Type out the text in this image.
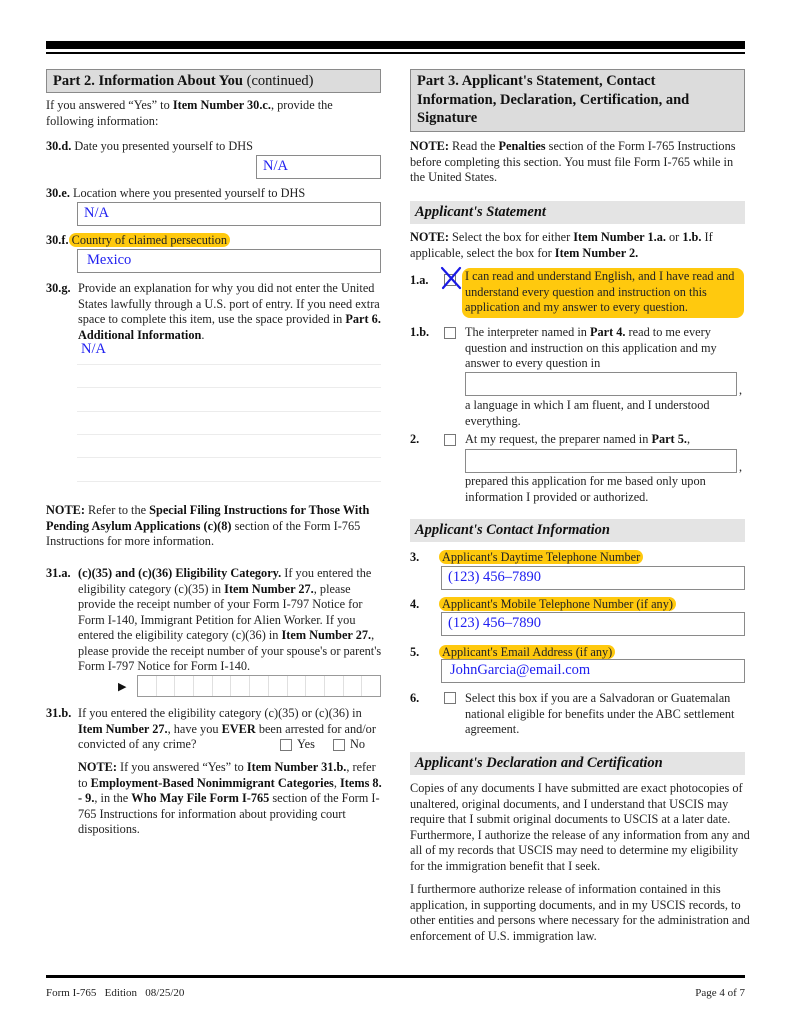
Part 2. Information About You (continued)
If you answered “Yes” to Item Number 30.c., provide the following information:
30.d. Date you presented yourself to DHS
N/A
30.e. Location where you presented yourself to DHS
N/A
30.f. Country of claimed persecution
Mexico
30.g. Provide an explanation for why you did not enter the United States lawfully through a U.S. port of entry. If you need extra space to complete this item, use the space provided in Part 6. Additional Information.
N/A
NOTE: Refer to the Special Filing Instructions for Those With Pending Asylum Applications (c)(8) section of the Form I-765 Instructions for more information.
31.a. (c)(35) and (c)(36) Eligibility Category. If you entered the eligibility category (c)(35) in Item Number 27., please provide the receipt number of your Form I-797 Notice for Form I-140, Immigrant Petition for Alien Worker. If you entered the eligibility category (c)(36) in Item Number 27., please provide the receipt number of your spouse's or parent's Form I-797 Notice for Form I-140.
▶
31.b. If you entered the eligibility category (c)(35) or (c)(36) in Item Number 27., have you EVER been arrested for and/or convicted of any crime?	Yes	No
NOTE: If you answered “Yes” to Item Number 31.b., refer to Employment-Based Nonimmigrant Categories, Items 8. - 9., in the Who May File Form I-765 section of the Form I-765 Instructions for information about providing court dispositions.
Part 3. Applicant's Statement, Contact Information, Declaration, Certification, and Signature
NOTE: Read the Penalties section of the Form I-765 Instructions before completing this section. You must file Form I-765 while in the United States.
Applicant's Statement
NOTE: Select the box for either Item Number 1.a. or 1.b. If applicable, select the box for Item Number 2.
1.a.	I can read and understand English, and I have read and understand every question and instruction on this application and my answer to every question.
1.b.	The interpreter named in Part 4. read to me every question and instruction on this application and my answer to every question in
,
a language in which I am fluent, and I understood everything.
2.	At my request, the preparer named in Part 5.,
,
prepared this application for me based only upon information I provided or authorized.
Applicant's Contact Information
3. Applicant's Daytime Telephone Number
(123) 456–7890
4. Applicant's Mobile Telephone Number (if any)
(123) 456–7890
5. Applicant's Email Address (if any)
JohnGarcia@email.com
6.	Select this box if you are a Salvadoran or Guatemalan national eligible for benefits under the ABC settlement agreement.
Applicant's Declaration and Certification
Copies of any documents I have submitted are exact photocopies of unaltered, original documents, and I understand that USCIS may require that I submit original documents to USCIS at a later date. Furthermore, I authorize the release of any information from any and all of my records that USCIS may need to determine my eligibility for the immigration benefit that I seek.
I furthermore authorize release of information contained in this application, in supporting documents, and in my USCIS records, to other entities and persons where necessary for the administration and enforcement of U.S. immigration law.
Form I-765   Edition   08/25/20	Page 4 of 7
